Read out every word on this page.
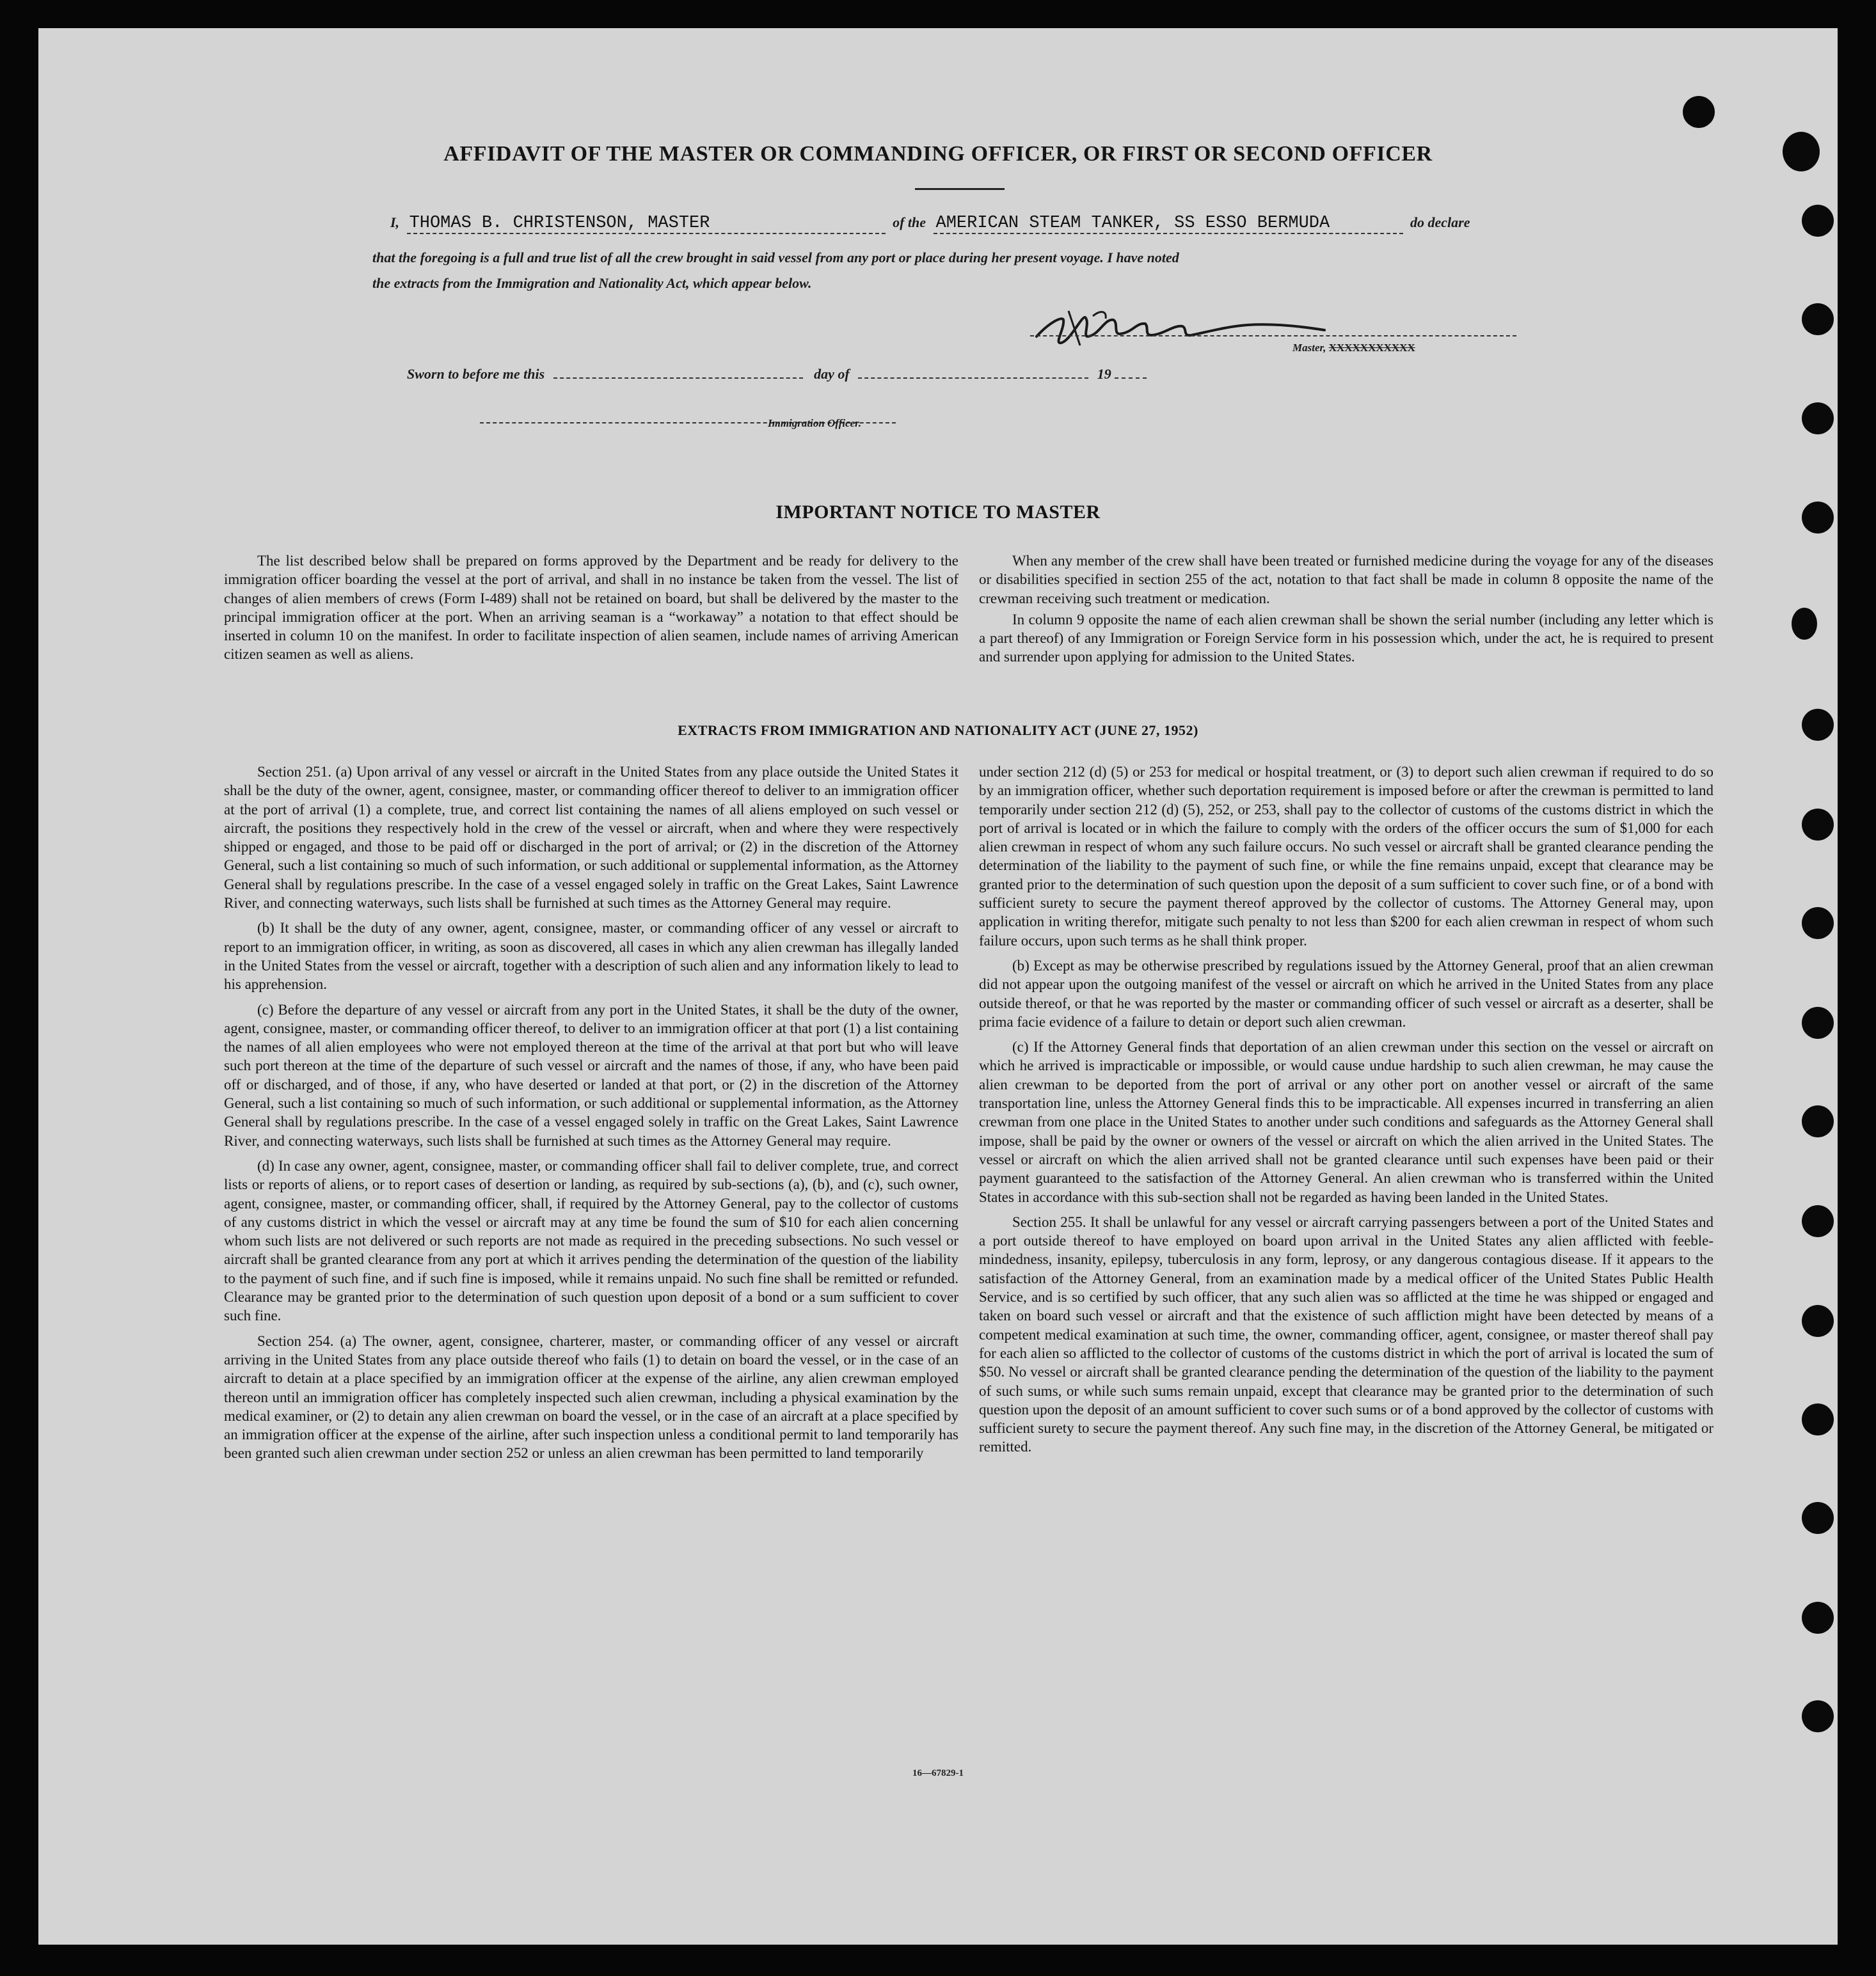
AFFIDAVIT OF THE MASTER OR COMMANDING OFFICER, OR FIRST OR SECOND OFFICER
I, THOMAS B. CHRISTENSON, MASTER	of the AMERICAN STEAM TANKER, SS ESSO BERMUDA	do declare
that the foregoing is a full and true list of all the crew brought in said vessel from any port or place during her present voyage. I have noted
the extracts from the Immigration and Nationality Act, which appear below.
Master, XXXXXXXXXXX
Sworn to before me this	day of	19
Immigration Officer.
IMPORTANT NOTICE TO MASTER

The list described below shall be prepared on forms approved by the Department and be ready for delivery to the immigration officer boarding the vessel at the port of arrival, and shall in no instance be taken from the vessel. The list of changes of alien members of crews (Form I-489) shall not be retained on board, but shall be delivered by the master to the principal immigration officer at the port. When an arriving seaman is a “workaway” a notation to that effect should be inserted in column 10 on the manifest. In order to facilitate inspection of alien seamen, include names of arriving American citizen seamen as well as aliens.

When any member of the crew shall have been treated or furnished medicine during the voyage for any of the diseases or disabilities specified in section 255 of the act, notation to that fact shall be made in column 8 opposite the name of the crewman receiving such treatment or medication.

In column 9 opposite the name of each alien crewman shall be shown the serial number (including any letter which is a part thereof) of any Immigration or Foreign Service form in his possession which, under the act, he is required to present and surrender upon applying for admission to the United States.

EXTRACTS FROM IMMIGRATION AND NATIONALITY ACT (JUNE 27, 1952)

Section 251. (a) Upon arrival of any vessel or aircraft in the United States from any place outside the United States it shall be the duty of the owner, agent, consignee, master, or commanding officer thereof to deliver to an immigration officer at the port of arrival (1) a complete, true, and correct list containing the names of all aliens employed on such vessel or aircraft, the positions they respectively hold in the crew of the vessel or aircraft, when and where they were respectively shipped or engaged, and those to be paid off or discharged in the port of arrival; or (2) in the discretion of the Attorney General, such a list containing so much of such information, or such additional or supplemental information, as the Attorney General shall by regulations prescribe. In the case of a vessel engaged solely in traffic on the Great Lakes, Saint Lawrence River, and connecting waterways, such lists shall be furnished at such times as the Attorney General may require.

(b) It shall be the duty of any owner, agent, consignee, master, or commanding officer of any vessel or aircraft to report to an immigration officer, in writing, as soon as discovered, all cases in which any alien crewman has illegally landed in the United States from the vessel or aircraft, together with a description of such alien and any information likely to lead to his apprehension.

(c) Before the departure of any vessel or aircraft from any port in the United States, it shall be the duty of the owner, agent, consignee, master, or commanding officer thereof, to deliver to an immigration officer at that port (1) a list containing the names of all alien employees who were not employed thereon at the time of the arrival at that port but who will leave such port thereon at the time of the departure of such vessel or aircraft and the names of those, if any, who have been paid off or discharged, and of those, if any, who have deserted or landed at that port, or (2) in the discretion of the Attorney General, such a list containing so much of such information, or such additional or supplemental information, as the Attorney General shall by regulations prescribe. In the case of a vessel engaged solely in traffic on the Great Lakes, Saint Lawrence River, and connecting waterways, such lists shall be furnished at such times as the Attorney General may require.

(d) In case any owner, agent, consignee, master, or commanding officer shall fail to deliver complete, true, and correct lists or reports of aliens, or to report cases of desertion or landing, as required by sub-sections (a), (b), and (c), such owner, agent, consignee, master, or commanding officer, shall, if required by the Attorney General, pay to the collector of customs of any customs district in which the vessel or aircraft may at any time be found the sum of $10 for each alien concerning whom such lists are not delivered or such reports are not made as required in the preceding subsections. No such vessel or aircraft shall be granted clearance from any port at which it arrives pending the determination of the question of the liability to the payment of such fine, and if such fine is imposed, while it remains unpaid. No such fine shall be remitted or refunded. Clearance may be granted prior to the determination of such question upon deposit of a bond or a sum sufficient to cover such fine.

Section 254. (a) The owner, agent, consignee, charterer, master, or commanding officer of any vessel or aircraft arriving in the United States from any place outside thereof who fails (1) to detain on board the vessel, or in the case of an aircraft to detain at a place specified by an immigration officer at the expense of the airline, any alien crewman employed thereon until an immigration officer has completely inspected such alien crewman, including a physical examination by the medical examiner, or (2) to detain any alien crewman on board the vessel, or in the case of an aircraft at a place specified by an immigration officer at the expense of the airline, after such inspection unless a conditional permit to land temporarily has been granted such alien crewman under section 252 or unless an alien crewman has been permitted to land temporarily

under section 212 (d) (5) or 253 for medical or hospital treatment, or (3) to deport such alien crewman if required to do so by an immigration officer, whether such deportation requirement is imposed before or after the crewman is permitted to land temporarily under section 212 (d) (5), 252, or 253, shall pay to the collector of customs of the customs district in which the port of arrival is located or in which the failure to comply with the orders of the officer occurs the sum of $1,000 for each alien crewman in respect of whom any such failure occurs. No such vessel or aircraft shall be granted clearance pending the determination of the liability to the payment of such fine, or while the fine remains unpaid, except that clearance may be granted prior to the determination of such question upon the deposit of a sum sufficient to cover such fine, or of a bond with sufficient surety to secure the payment thereof approved by the collector of customs. The Attorney General may, upon application in writing therefor, mitigate such penalty to not less than $200 for each alien crewman in respect of whom such failure occurs, upon such terms as he shall think proper.

(b) Except as may be otherwise prescribed by regulations issued by the Attorney General, proof that an alien crewman did not appear upon the outgoing manifest of the vessel or aircraft on which he arrived in the United States from any place outside thereof, or that he was reported by the master or commanding officer of such vessel or aircraft as a deserter, shall be prima facie evidence of a failure to detain or deport such alien crewman.

(c) If the Attorney General finds that deportation of an alien crewman under this section on the vessel or aircraft on which he arrived is impracticable or impossible, or would cause undue hardship to such alien crewman, he may cause the alien crewman to be deported from the port of arrival or any other port on another vessel or aircraft of the same transportation line, unless the Attorney General finds this to be impracticable. All expenses incurred in transferring an alien crewman from one place in the United States to another under such conditions and safeguards as the Attorney General shall impose, shall be paid by the owner or owners of the vessel or aircraft on which the alien arrived in the United States. The vessel or aircraft on which the alien arrived shall not be granted clearance until such expenses have been paid or their payment guaranteed to the satisfaction of the Attorney General. An alien crewman who is transferred within the United States in accordance with this sub-section shall not be regarded as having been landed in the United States.

Section 255. It shall be unlawful for any vessel or aircraft carrying passengers between a port of the United States and a port outside thereof to have employed on board upon arrival in the United States any alien afflicted with feeble-mindedness, insanity, epilepsy, tuberculosis in any form, leprosy, or any dangerous contagious disease. If it appears to the satisfaction of the Attorney General, from an examination made by a medical officer of the United States Public Health Service, and is so certified by such officer, that any such alien was so afflicted at the time he was shipped or engaged and taken on board such vessel or aircraft and that the existence of such affliction might have been detected by means of a competent medical examination at such time, the owner, commanding officer, agent, consignee, or master thereof shall pay for each alien so afflicted to the collector of customs of the customs district in which the port of arrival is located the sum of $50. No vessel or aircraft shall be granted clearance pending the determination of the question of the liability to the payment of such sums, or while such sums remain unpaid, except that clearance may be granted prior to the determination of such question upon the deposit of an amount sufficient to cover such sums or of a bond approved by the collector of customs with sufficient surety to secure the payment thereof. Any such fine may, in the discretion of the Attorney General, be mitigated or remitted.

16—67829-1
